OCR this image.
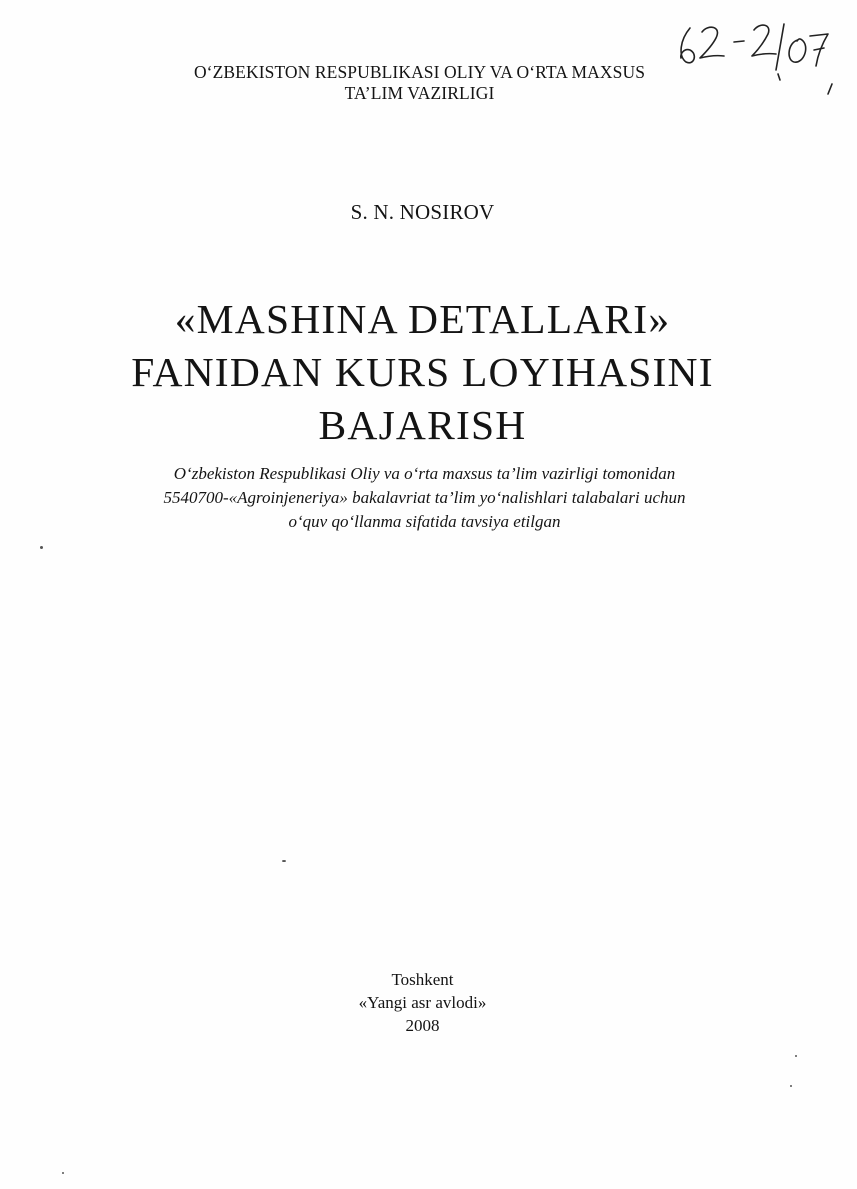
O‘ZBEKISTON RESPUBLIKASI OLIY VA O‘RTA MAXSUS
TA’LIM VAZIRLIGI
S. N. NOSIROV
«MASHINA DETALLARI»
FANIDAN KURS LOYIHASINI
BAJARISH
O‘zbekiston Respublikasi Oliy va o‘rta maxsus ta’lim vazirligi tomonidan
5540700-«Agroinjeneriya» bakalavriat ta’lim yo‘nalishlari talabalari uchun
o‘quv qo‘llanma sifatida tavsiya etilgan
Toshkent
«Yangi asr avlodi»
2008
